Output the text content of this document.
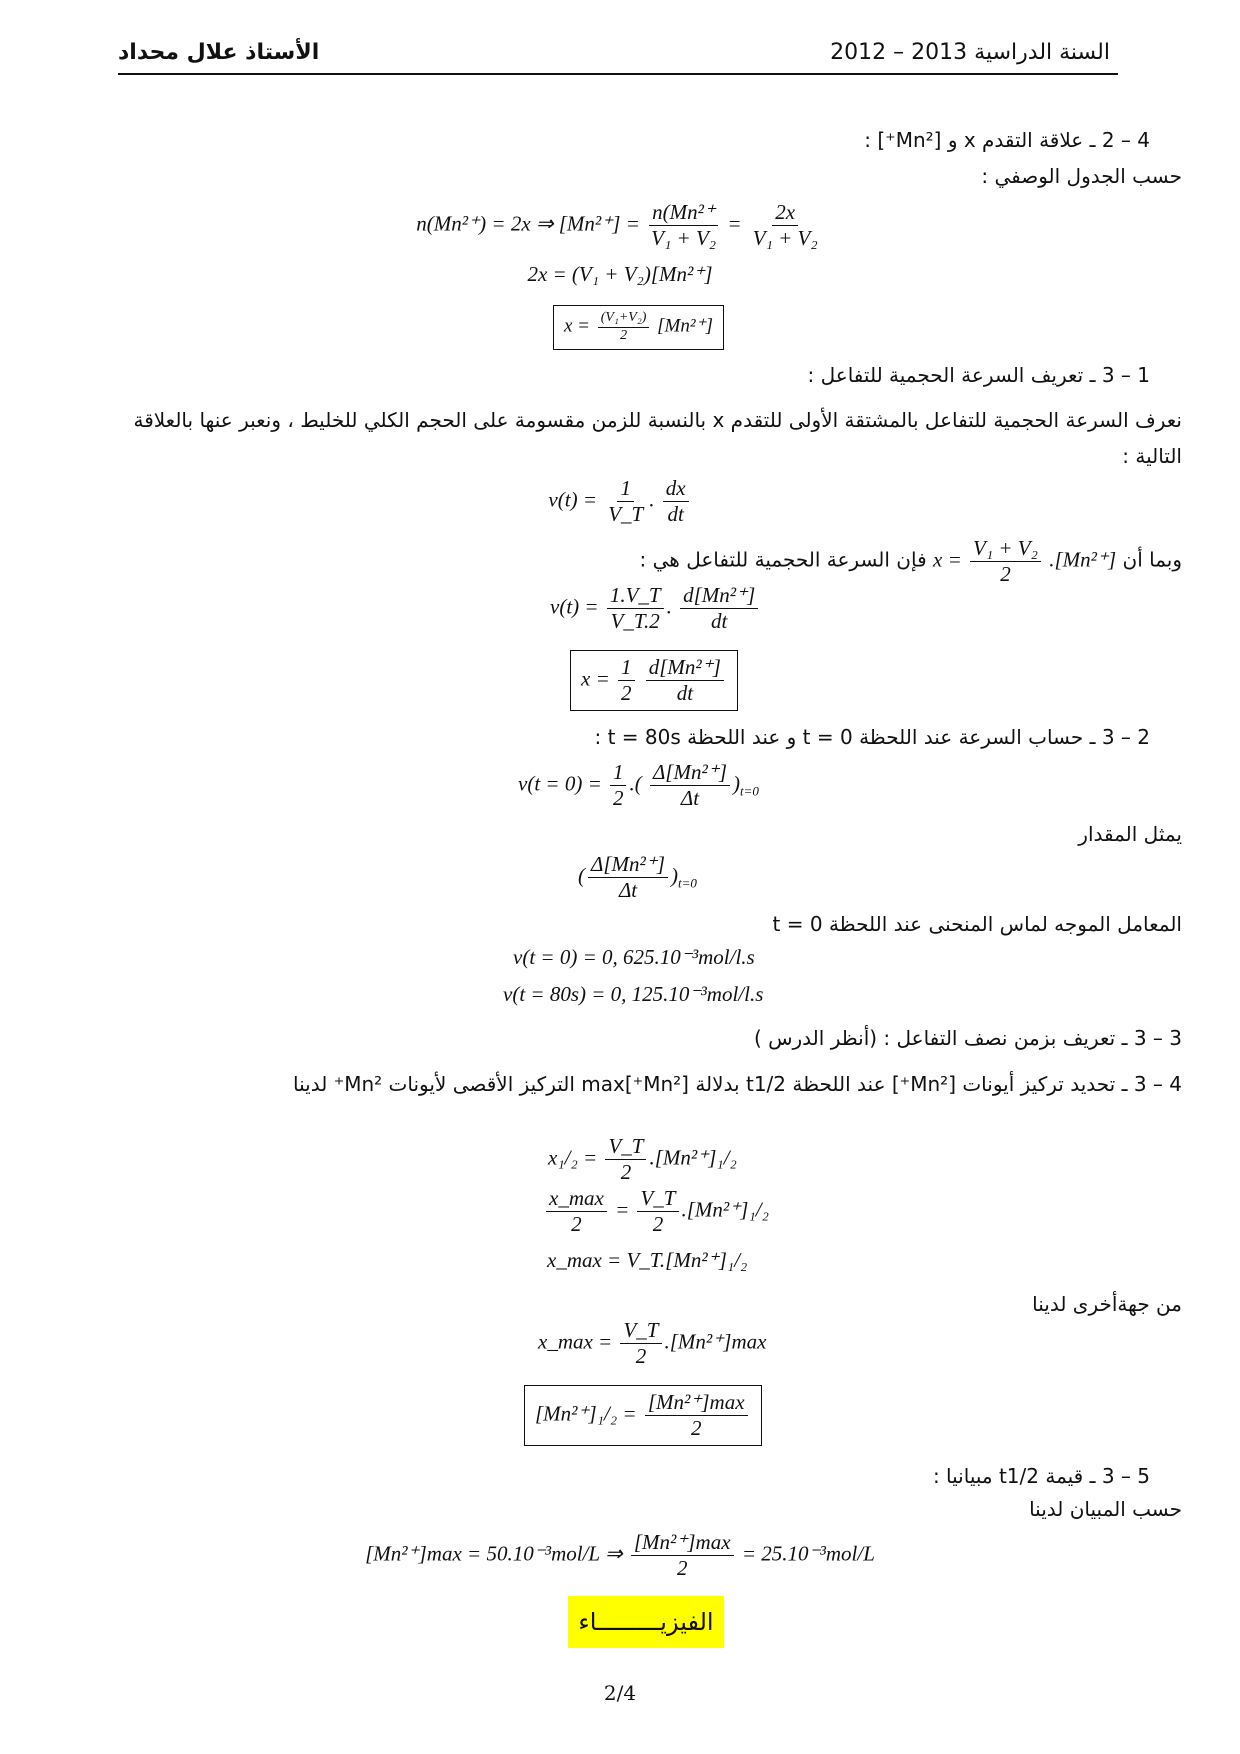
السنة الدراسية 2013 – 2012
الأستاذ علال محداد
4 – 2 ـ علاقة التقدم x و [Mn²⁺] :
حسب الجدول الوصفي :
n(Mn²⁺) = 2x ⇒ $[Mn^{2+}] = \frac{\text{n(Mn²⁺}}{\text{V₁ + V₂}} = \frac{2x}{\text{V₁ + V₂}}$
2x = (V₁ + V₂)[Mn²⁺]
$x = \frac{\text{(V₁+V₂)}}{2} [Mn^{2+}]$
1 – 3 ـ تعريف السرعة الحجمية للتفاعل :
نعرف السرعة الحجمية للتفاعل بالمشتقة الأولى للتقدم x بالنسبة للزمن مقسومة على الحجم الكلي للخليط ، ونعبر عنها بالعلاقة التالية :
$v(t) = \frac{1}{V\_T}$ . $\frac{dx}{dt}$
وبما أن $x = \frac{\text{V₁ + V₂}}{2} .[Mn^{2+}]$ فإن السرعة الحجمية للتفاعل هي :
$v(t) = \frac{1.V\_T}{V\_T.2}$ . $\frac{\text{d[Mn²⁺]}}{dt}$
$x = \frac{1}{2}$
$\frac{\text{d[Mn²⁺]}}{dt}$
2 – 3 ـ حساب السرعة عند اللحظة t = 0 و عند اللحظة t = 80s :
$v(t = 0) = \frac{1}{2}$ .( $\frac{\text{Δ[Mn²⁺]}}{\Delta t} )_{t=0}$
يمثل المقدار
( $\frac{\text{Δ[Mn²⁺]}}{\Delta t} )_{t=0}$
المعامل الموجه لماس المنحنى عند اللحظة t = 0
v(t = 0) = 0, 625.10⁻³mol/l.s
v(t = 80s) = 0, 125.10⁻³mol/l.s
3 – 3 ـ تعريف بزمن نصف التفاعل : (أنظر الدرس )
4 – 3 ـ تحديد تركيز أيونات [Mn²⁺] عند اللحظة t1/2 بدلالة [Mn²⁺]max التركيز الأقصى لأيونات Mn²⁺ لدينا
$x_1/_2 = \frac{V\_T}{2} .[Mn^{2+}]_1/_2$
$\frac{x\_\max}{2} = \frac{V\_T}{2} .[Mn^{2+}]_1/_2$
x_max = V_T.[Mn²⁺]₁/₂
من جهةأخرى لدينا
x_max = $\frac{V\_T}{2} .[Mn^{2+}]\max$
$[Mn^{2+}]_1/_2 = \frac{\text{[Mn²⁺]max}}{2}$
5 – 3 ـ قيمة t1/2 مبيانيا :
حسب المبيان لدينا
[Mn²⁺]max = 50.10⁻³mol/L ⇒ $\frac{\text{[Mn²⁺]max}}{2} = 25.10^{-3}mol/L$
الفيزيـــــــــاء
2/4
